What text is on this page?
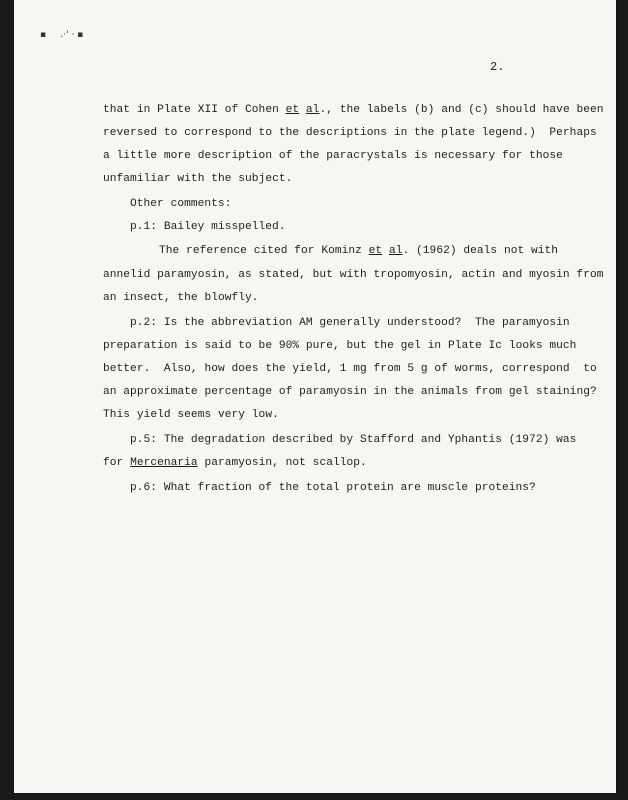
▪     .·' · ▪
2.
that in Plate XII of Cohen et al., the labels (b) and (c) should have been
reversed to correspond to the descriptions in the plate legend.)  Perhaps
a little more description of the paracrystals is necessary for those
unfamiliar with the subject.
Other comments:
p.1: Bailey misspelled.
The reference cited for Kominz et al. (1962) deals not with
annelid paramyosin, as stated, but with tropomyosin, actin and myosin from
an insect, the blowfly.
p.2: Is the abbreviation AM generally understood?  The paramyosin
preparation is said to be 90% pure, but the gel in Plate Ic looks much
better.  Also, how does the yield, 1 mg from 5 g of worms, correspond  to
an approximate percentage of paramyosin in the animals from gel staining?
This yield seems very low.
p.5: The degradation described by Stafford and Yphantis (1972) was
for Mercenaria paramyosin, not scallop.
p.6: What fraction of the total protein are muscle proteins?
